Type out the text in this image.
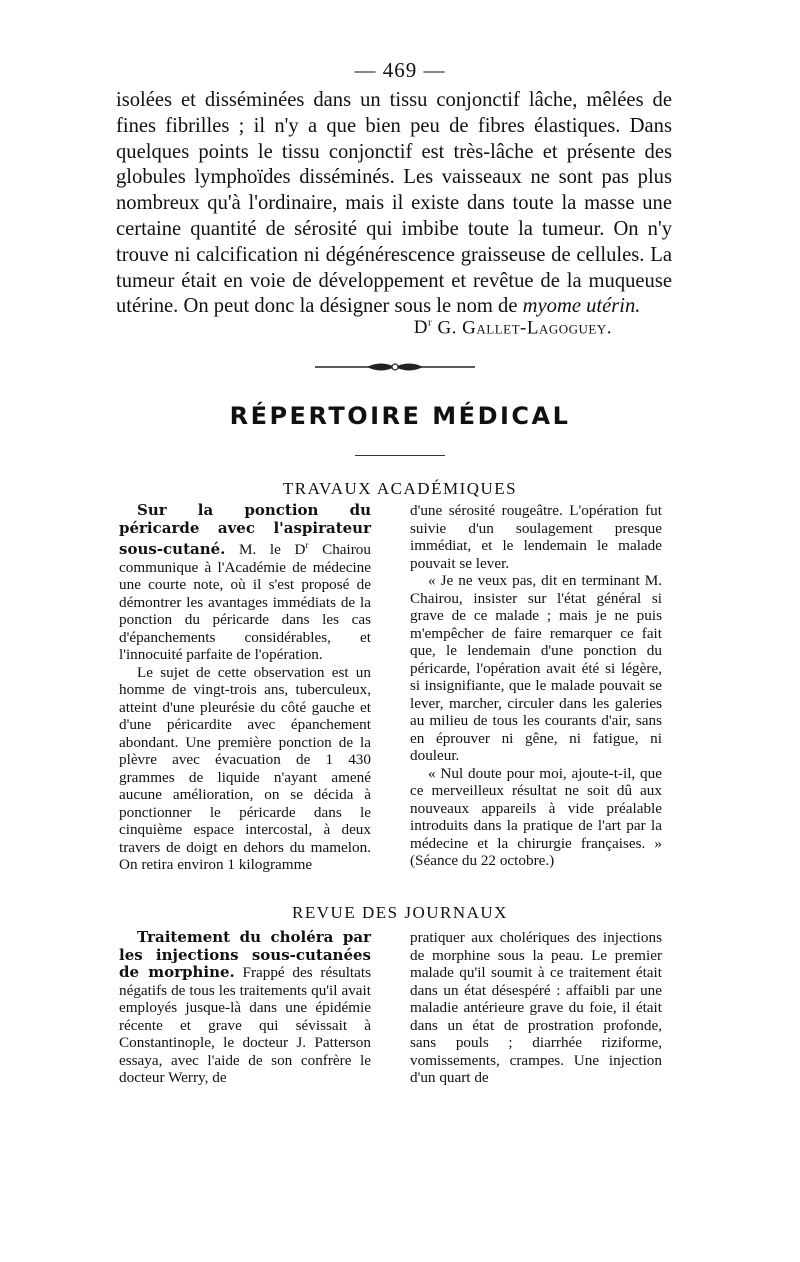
— 469 —

isolées et disséminées dans un tissu conjonctif lâche, mêlées de fines fibrilles ; il n'y a que bien peu de fibres élastiques. Dans quelques points le tissu conjonctif est très-lâche et présente des globules lymphoïdes disséminés. Les vaisseaux ne sont pas plus nombreux qu'à l'ordinaire, mais il existe dans toute la masse une certaine quantité de sérosité qui imbibe toute la tumeur. On n'y trouve ni calcification ni dégénérescence graisseuse de cellules. La tumeur était en voie de développement et revêtue de la muqueuse utérine. On peut donc la désigner sous le nom de myome utérin.

$D^r$ G. Gallet-Lagoguey.
RÉPERTOIRE MÉDICAL
TRAVAUX ACADÉMIQUES

Sur la ponction du péricarde avec l'aspirateur sous-cutané. M. le $D^r$ Chairou communique à l'Académie de médecine une courte note, où il s'est proposé de démontrer les avantages immédiats de la ponction du péricarde dans les cas d'épanchements considérables, et l'innocuité parfaite de l'opération.

Le sujet de cette observation est un homme de vingt-trois ans, tuberculeux, atteint d'une pleurésie du côté gauche et d'une péricardite avec épanchement abondant. Une première ponction de la plèvre avec évacuation de 1 430 grammes de liquide n'ayant amené aucune amélioration, on se décida à ponctionner le péricarde dans le cinquième espace intercostal, à deux travers de doigt en dehors du mamelon. On retira environ 1 kilogramme

d'une sérosité rougeâtre. L'opération fut suivie d'un soulagement presque immédiat, et le lendemain le malade pouvait se lever.

« Je ne veux pas, dit en terminant M. Chairou, insister sur l'état général si grave de ce malade ; mais je ne puis m'empêcher de faire remarquer ce fait que, le lendemain d'une ponction du péricarde, l'opération avait été si légère, si insignifiante, que le malade pouvait se lever, marcher, circuler dans les galeries au milieu de tous les courants d'air, sans en éprouver ni gêne, ni fatigue, ni douleur.

« Nul doute pour moi, ajoute-t-il, que ce merveilleux résultat ne soit dû aux nouveaux appareils à vide préalable introduits dans la pratique de l'art par la médecine et la chirurgie françaises. » (Séance du 22 octobre.)

REVUE DES JOURNAUX

Traitement du choléra par les injections sous-cutanées de morphine. Frappé des résultats négatifs de tous les traitements qu'il avait employés jusque-là dans une épidémie récente et grave qui sévissait à Constantinople, le docteur J. Patterson essaya, avec l'aide de son confrère le docteur Werry, de

pratiquer aux cholériques des injections de morphine sous la peau. Le premier malade qu'il soumit à ce traitement était dans un état désespéré : affaibli par une maladie antérieure grave du foie, il était dans un état de prostration profonde, sans pouls ; diarrhée riziforme, vomissements, crampes. Une injection d'un quart de
